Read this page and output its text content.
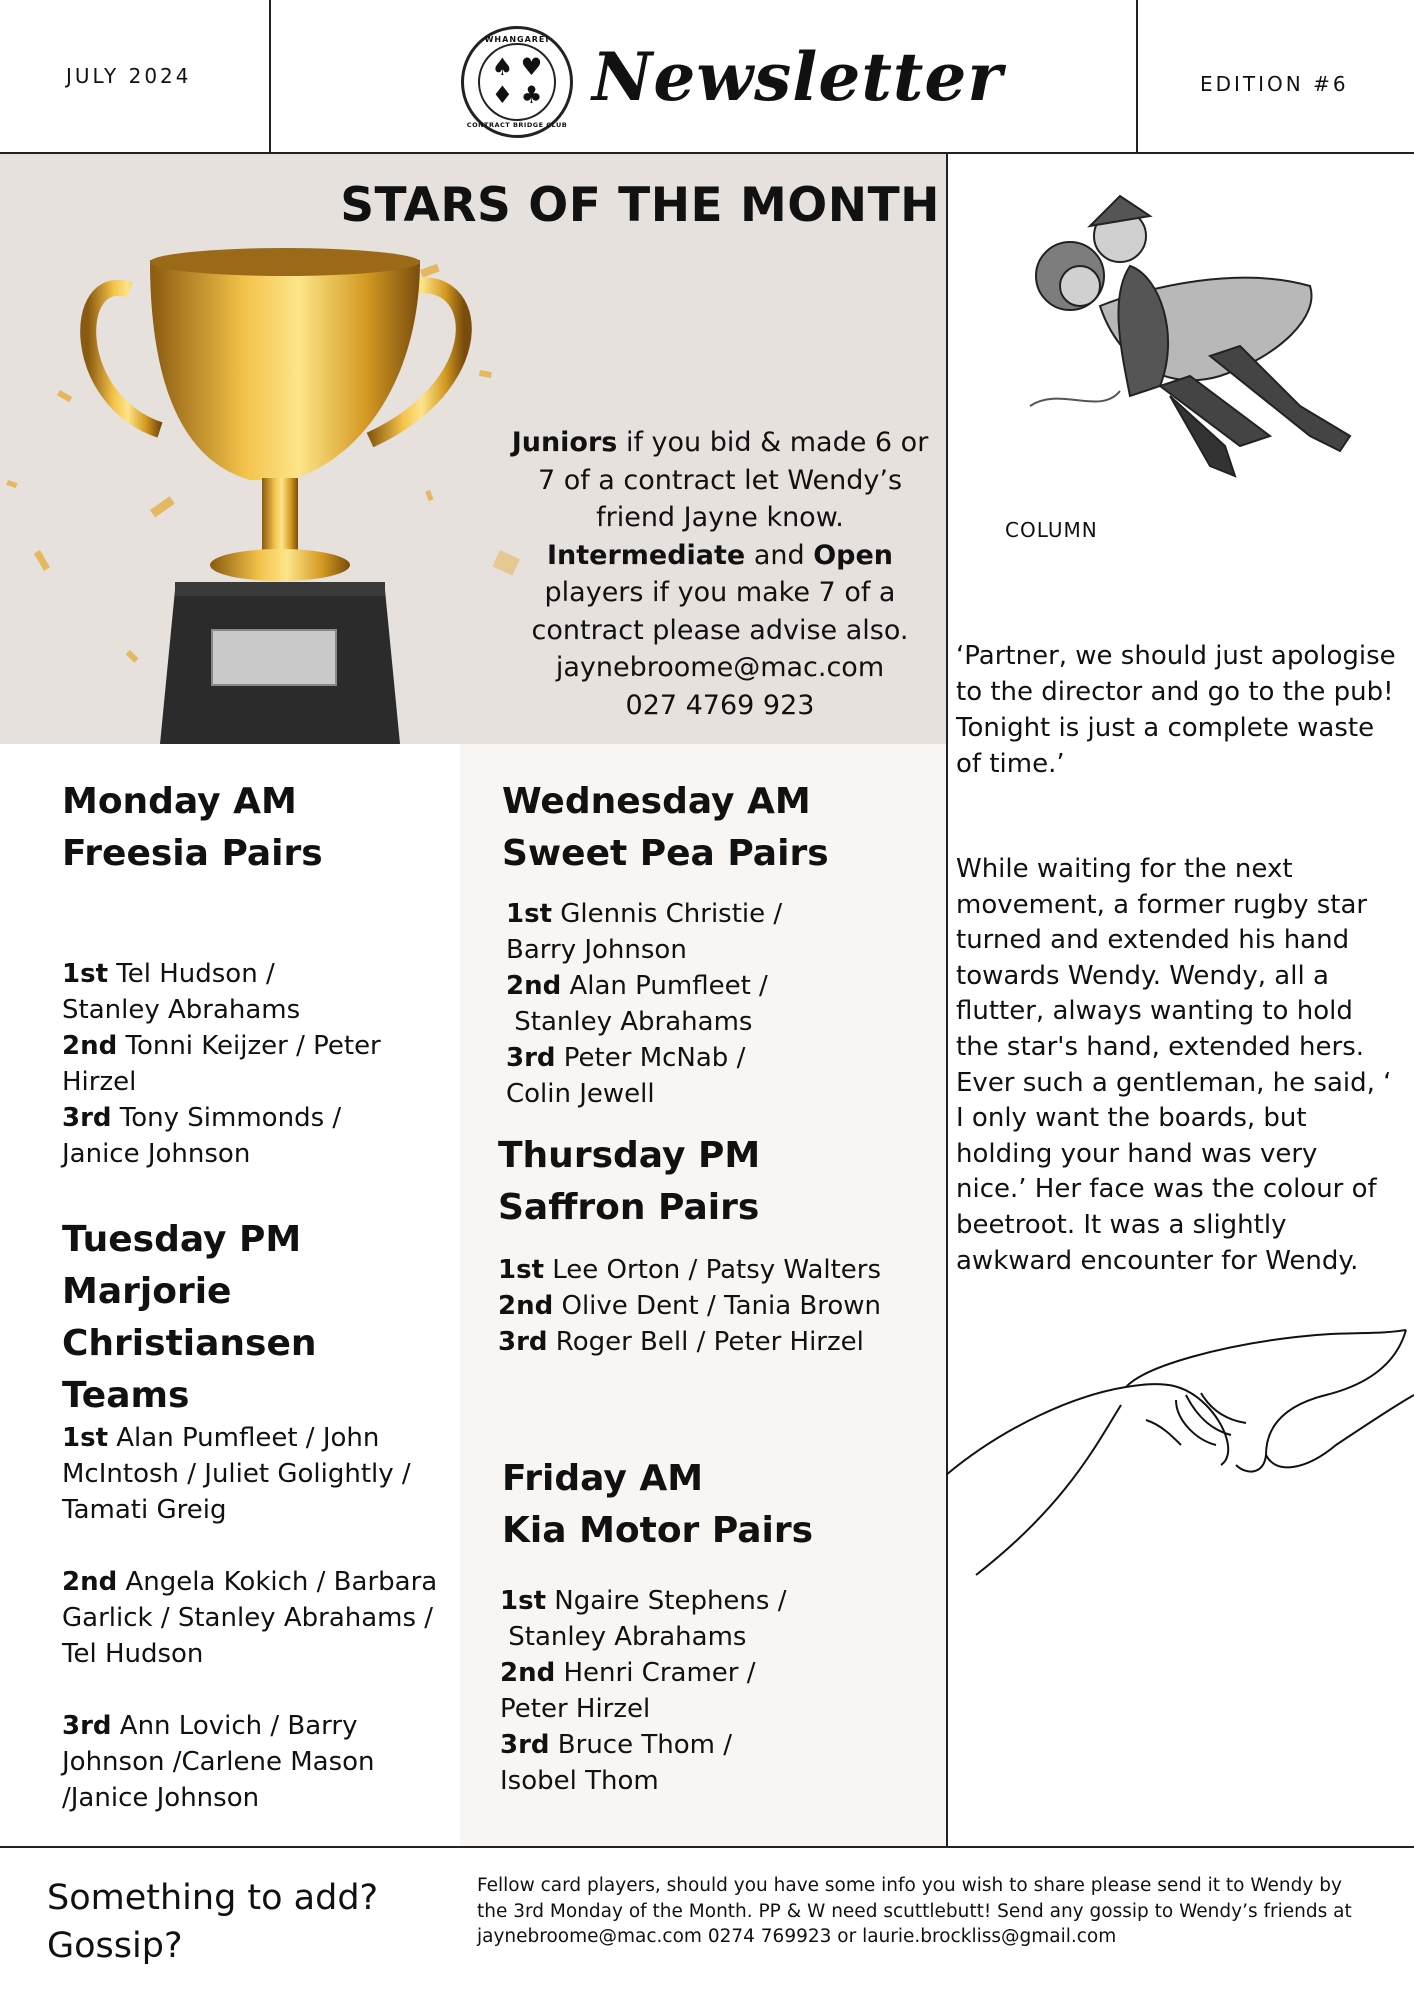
JULY 2024
WHANGAREI
♠ ♥
♦ ♣
CONTRACT BRIDGE CLUB
Newsletter	EDITION #6
STARS OF THE MONTH
Juniors if you bid & made 6 or 7 of a contract let Wendy’s friend Jayne know. Intermediate and Open players if you make 7 of a contract please advise also.
jaynebroome@mac.com
027 4769 923
Monday AM
Freesia Pairs
1st Tel Hudson /
Stanley Abrahams
2nd Tonni Keijzer / Peter
Hirzel
3rd Tony Simmonds /
Janice Johnson
Tuesday PM
Marjorie
Christiansen
Teams
1st Alan Pumfleet / John
McIntosh / Juliet Golightly /
Tamati Greig
2nd Angela Kokich / Barbara
Garlick / Stanley Abrahams /
Tel Hudson
3rd Ann Lovich / Barry
Johnson /Carlene Mason
/Janice Johnson
Wednesday AM
Sweet Pea Pairs
1st Glennis Christie /
Barry Johnson
2nd Alan Pumfleet /
Stanley Abrahams
3rd Peter McNab /
Colin Jewell
Thursday PM
Saffron Pairs
1st Lee Orton / Patsy Walters
2nd Olive Dent / Tania Brown
3rd Roger Bell / Peter Hirzel
Friday AM
Kia Motor Pairs
1st Ngaire Stephens /
Stanley Abrahams
2nd Henri Cramer /
Peter Hirzel
3rd Bruce Thom /
Isobel Thom
COLUMN
‘Partner, we should just apologise to the director and go to the pub! Tonight is just a complete waste of time.’
While waiting for the next movement, a former rugby star turned and extended his hand towards Wendy. Wendy, all a flutter, always wanting to hold the star's hand, extended hers. Ever such a gentleman, he said, ‘ I only want the boards, but holding your hand was very nice.’ Her face was the colour of beetroot. It was a slightly awkward encounter for Wendy.
Something to add? Gossip?
Fellow card players, should you have some info you wish to share please send it to Wendy by the 3rd Monday of the Month. PP & W need scuttlebutt! Send any gossip to Wendy’s friends at jaynebroome@mac.com 0274 769923 or laurie.brockliss@gmail.com
